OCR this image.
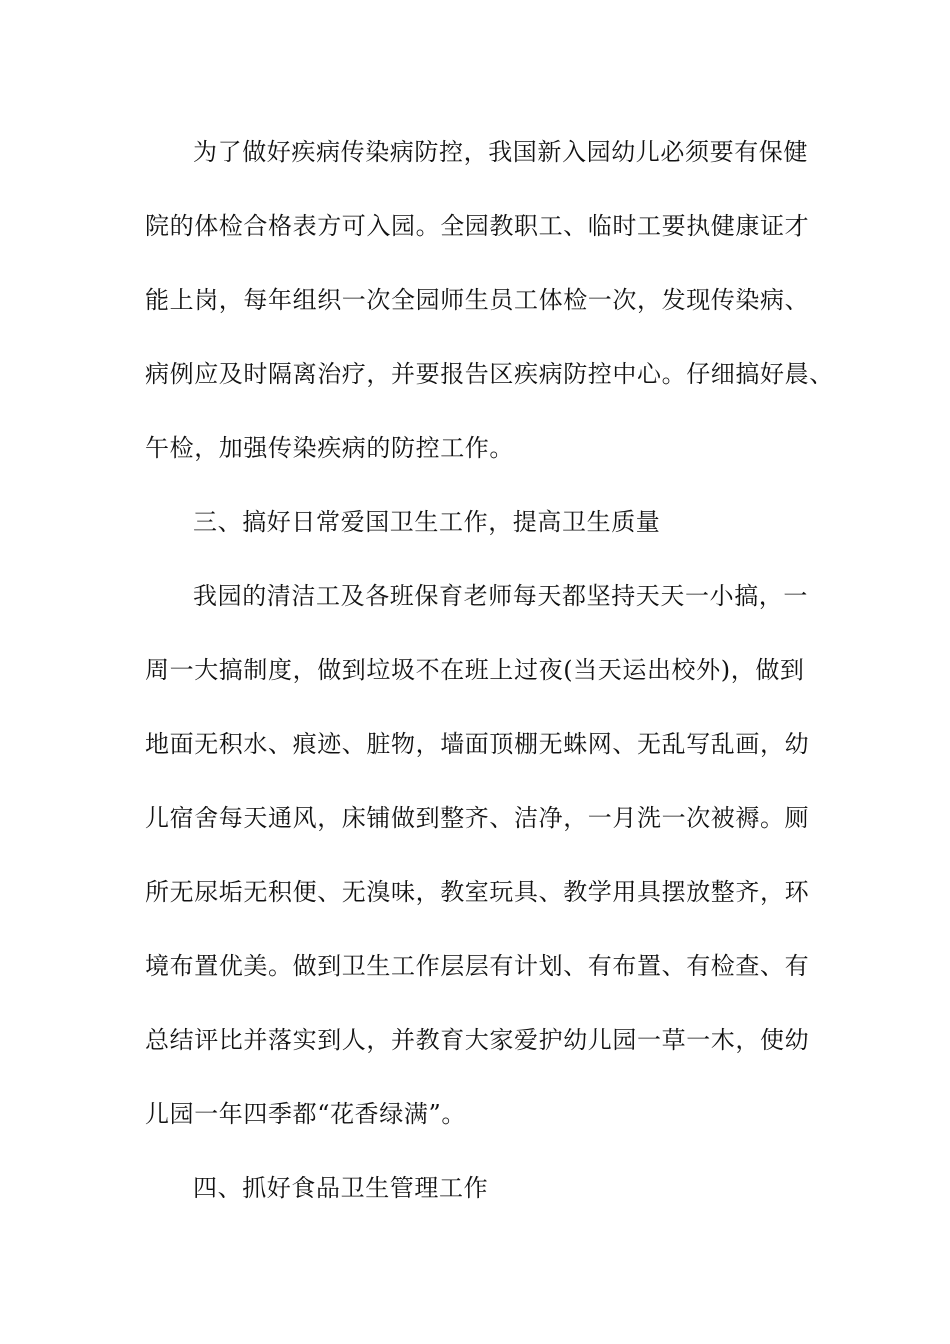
为了做好疾病传染病防控，我国新入园幼儿必须要有保健
院的体检合格表方可入园。全园教职工、临时工要执健康证才
能上岗，每年组织一次全园师生员工体检一次，发现传染病、
病例应及时隔离治疗，并要报告区疾病防控中心。仔细搞好晨、
午检，加强传染疾病的防控工作。
三、搞好日常爱国卫生工作，提高卫生质量
我园的清洁工及各班保育老师每天都坚持天天一小搞，一
周一大搞制度，做到垃圾不在班上过夜(当天运出校外)，做到
地面无积水、痕迹、脏物，墙面顶棚无蛛网、无乱写乱画，幼
儿宿舍每天通风，床铺做到整齐、洁净，一月洗一次被褥。厕
所无尿垢无积便、无溴味，教室玩具、教学用具摆放整齐，环
境布置优美。做到卫生工作层层有计划、有布置、有检查、有
总结评比并落实到人，并教育大家爱护幼儿园一草一木，使幼
儿园一年四季都“花香绿满”。
四、抓好食品卫生管理工作
